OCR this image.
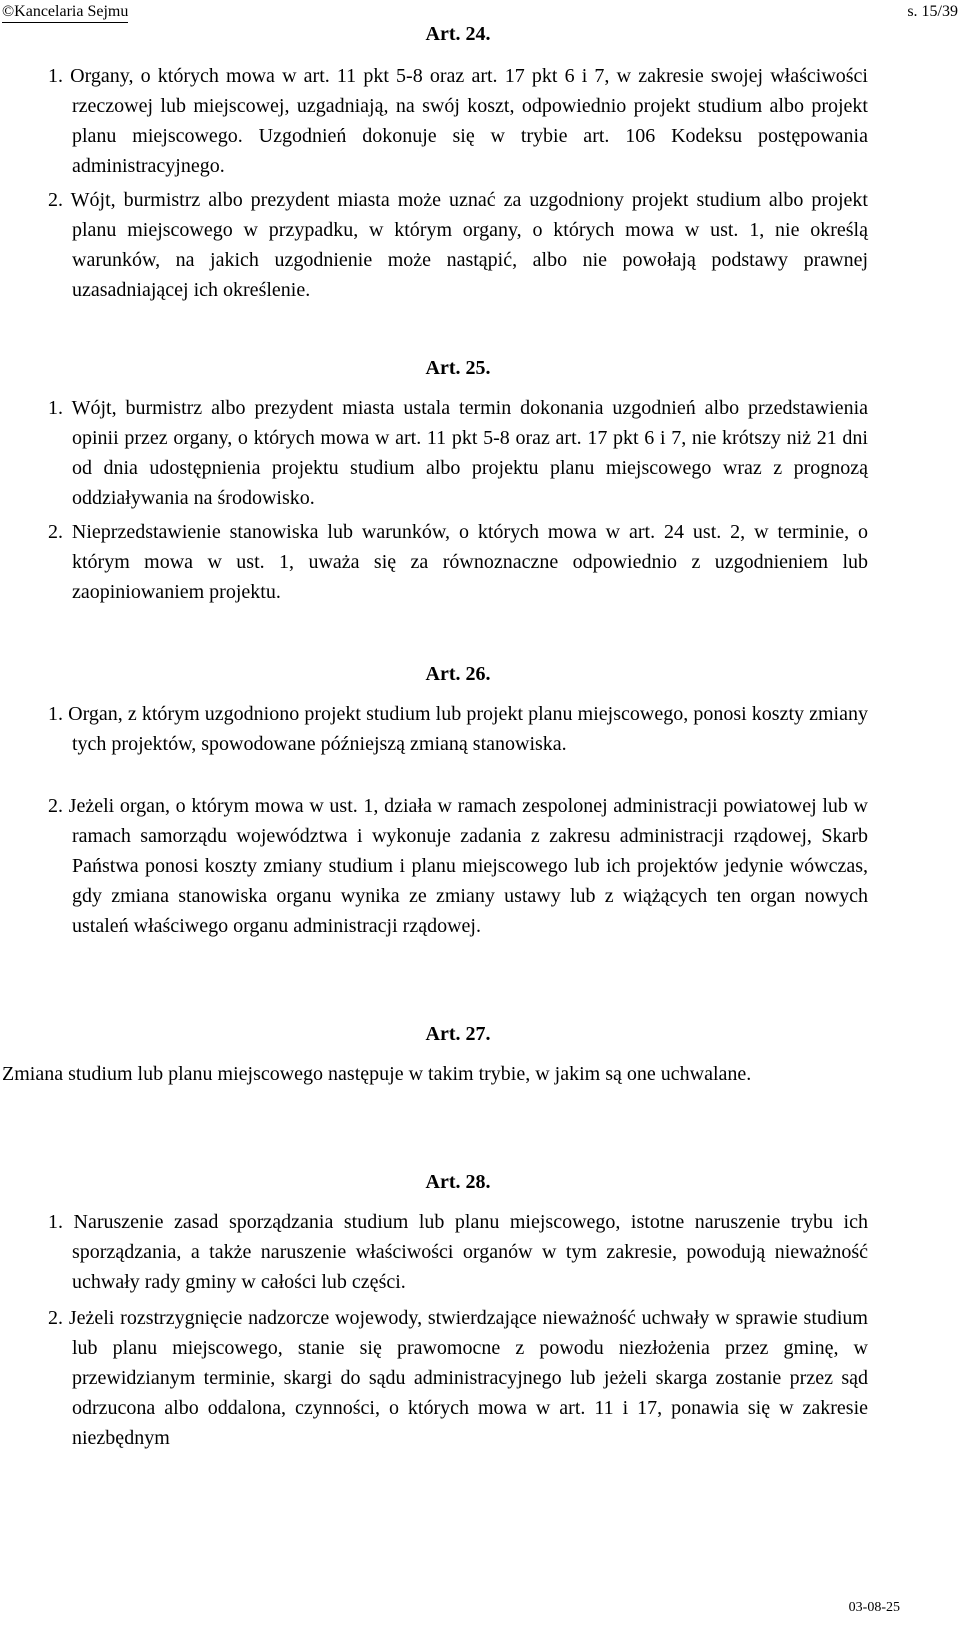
©Kancelaria Sejmu	s. 15/39

Art. 24.

1. Organy, o których mowa w art. 11 pkt 5-8 oraz art. 17 pkt 6 i 7, w zakresie swojej właściwości rzeczowej lub miejscowej, uzgadniają, na swój koszt, odpowiednio projekt studium albo projekt planu miejscowego. Uzgodnień dokonuje się w trybie art. 106 Kodeksu postępowania administracyjnego.

2. Wójt, burmistrz albo prezydent miasta może uznać za uzgodniony projekt studium albo projekt planu miejscowego w przypadku, w którym organy, o których mowa w ust. 1, nie określą warunków, na jakich uzgodnienie może nastąpić, albo nie powołają podstawy prawnej uzasadniającej ich określenie.

Art. 25.

1. Wójt, burmistrz albo prezydent miasta ustala termin dokonania uzgodnień albo przedstawienia opinii przez organy, o których mowa w art. 11 pkt 5-8 oraz art. 17 pkt 6 i 7, nie krótszy niż 21 dni od dnia udostępnienia projektu studium albo projektu planu miejscowego wraz z prognozą oddziaływania na środowisko.

2. Nieprzedstawienie stanowiska lub warunków, o których mowa w art. 24 ust. 2, w terminie, o którym mowa w ust. 1, uważa się za równoznaczne odpowiednio z uzgodnieniem lub zaopiniowaniem projektu.

Art. 26.

1. Organ, z którym uzgodniono projekt studium lub projekt planu miejscowego, ponosi koszty zmiany tych projektów, spowodowane późniejszą zmianą stanowiska.

2. Jeżeli organ, o którym mowa w ust. 1, działa w ramach zespolonej administracji powiatowej lub w ramach samorządu województwa i wykonuje zadania z zakresu administracji rządowej, Skarb Państwa ponosi koszty zmiany studium i planu miejscowego lub ich projektów jedynie wówczas, gdy zmiana stanowiska organu wynika ze zmiany ustawy lub z wiążących ten organ nowych ustaleń właściwego organu administracji rządowej.

Art. 27.

Zmiana studium lub planu miejscowego następuje w takim trybie, w jakim są one uchwalane.

Art. 28.

1. Naruszenie zasad sporządzania studium lub planu miejscowego, istotne naruszenie trybu ich sporządzania, a także naruszenie właściwości organów w tym zakresie, powodują nieważność uchwały rady gminy w całości lub części.

2. Jeżeli rozstrzygnięcie nadzorcze wojewody, stwierdzające nieważność uchwały w sprawie studium lub planu miejscowego, stanie się prawomocne z powodu niezłożenia przez gminę, w przewidzianym terminie, skargi do sądu administracyjnego lub jeżeli skarga zostanie przez sąd odrzucona albo oddalona, czynności, o których mowa w art. 11 i 17, ponawia się w zakresie niezbędnym

03-08-25
